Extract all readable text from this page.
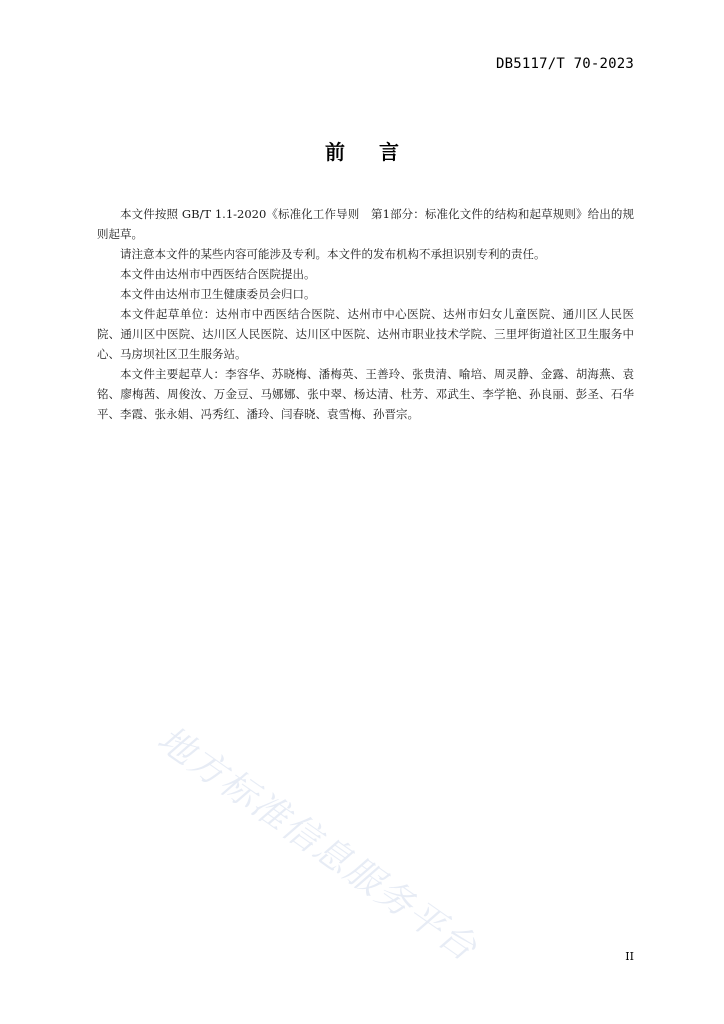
DB5117/T 70-2023
前 言

本文件按照 GB/T 1.1-2020《标准化工作导则　第1部分：标准化文件的结构和起草规则》给出的规则起草。

请注意本文件的某些内容可能涉及专利。本文件的发布机构不承担识别专利的责任。

本文件由达州市中西医结合医院提出。

本文件由达州市卫生健康委员会归口。

本文件起草单位：达州市中西医结合医院、达州市中心医院、达州市妇女儿童医院、通川区人民医院、通川区中医院、达川区人民医院、达川区中医院、达州市职业技术学院、三里坪街道社区卫生服务中心、马房坝社区卫生服务站。

本文件主要起草人：李容华、苏晓梅、潘梅英、王善玲、张贵清、喻培、周灵静、金露、胡海燕、袁铭、廖梅茜、周俊汝、万金豆、马娜娜、张中翠、杨达清、杜芳、邓武生、李学艳、孙良丽、彭圣、石华平、李霞、张永娟、冯秀红、潘玲、闫春晓、袁雪梅、孙晋宗。

地方标准信息服务平台	II
